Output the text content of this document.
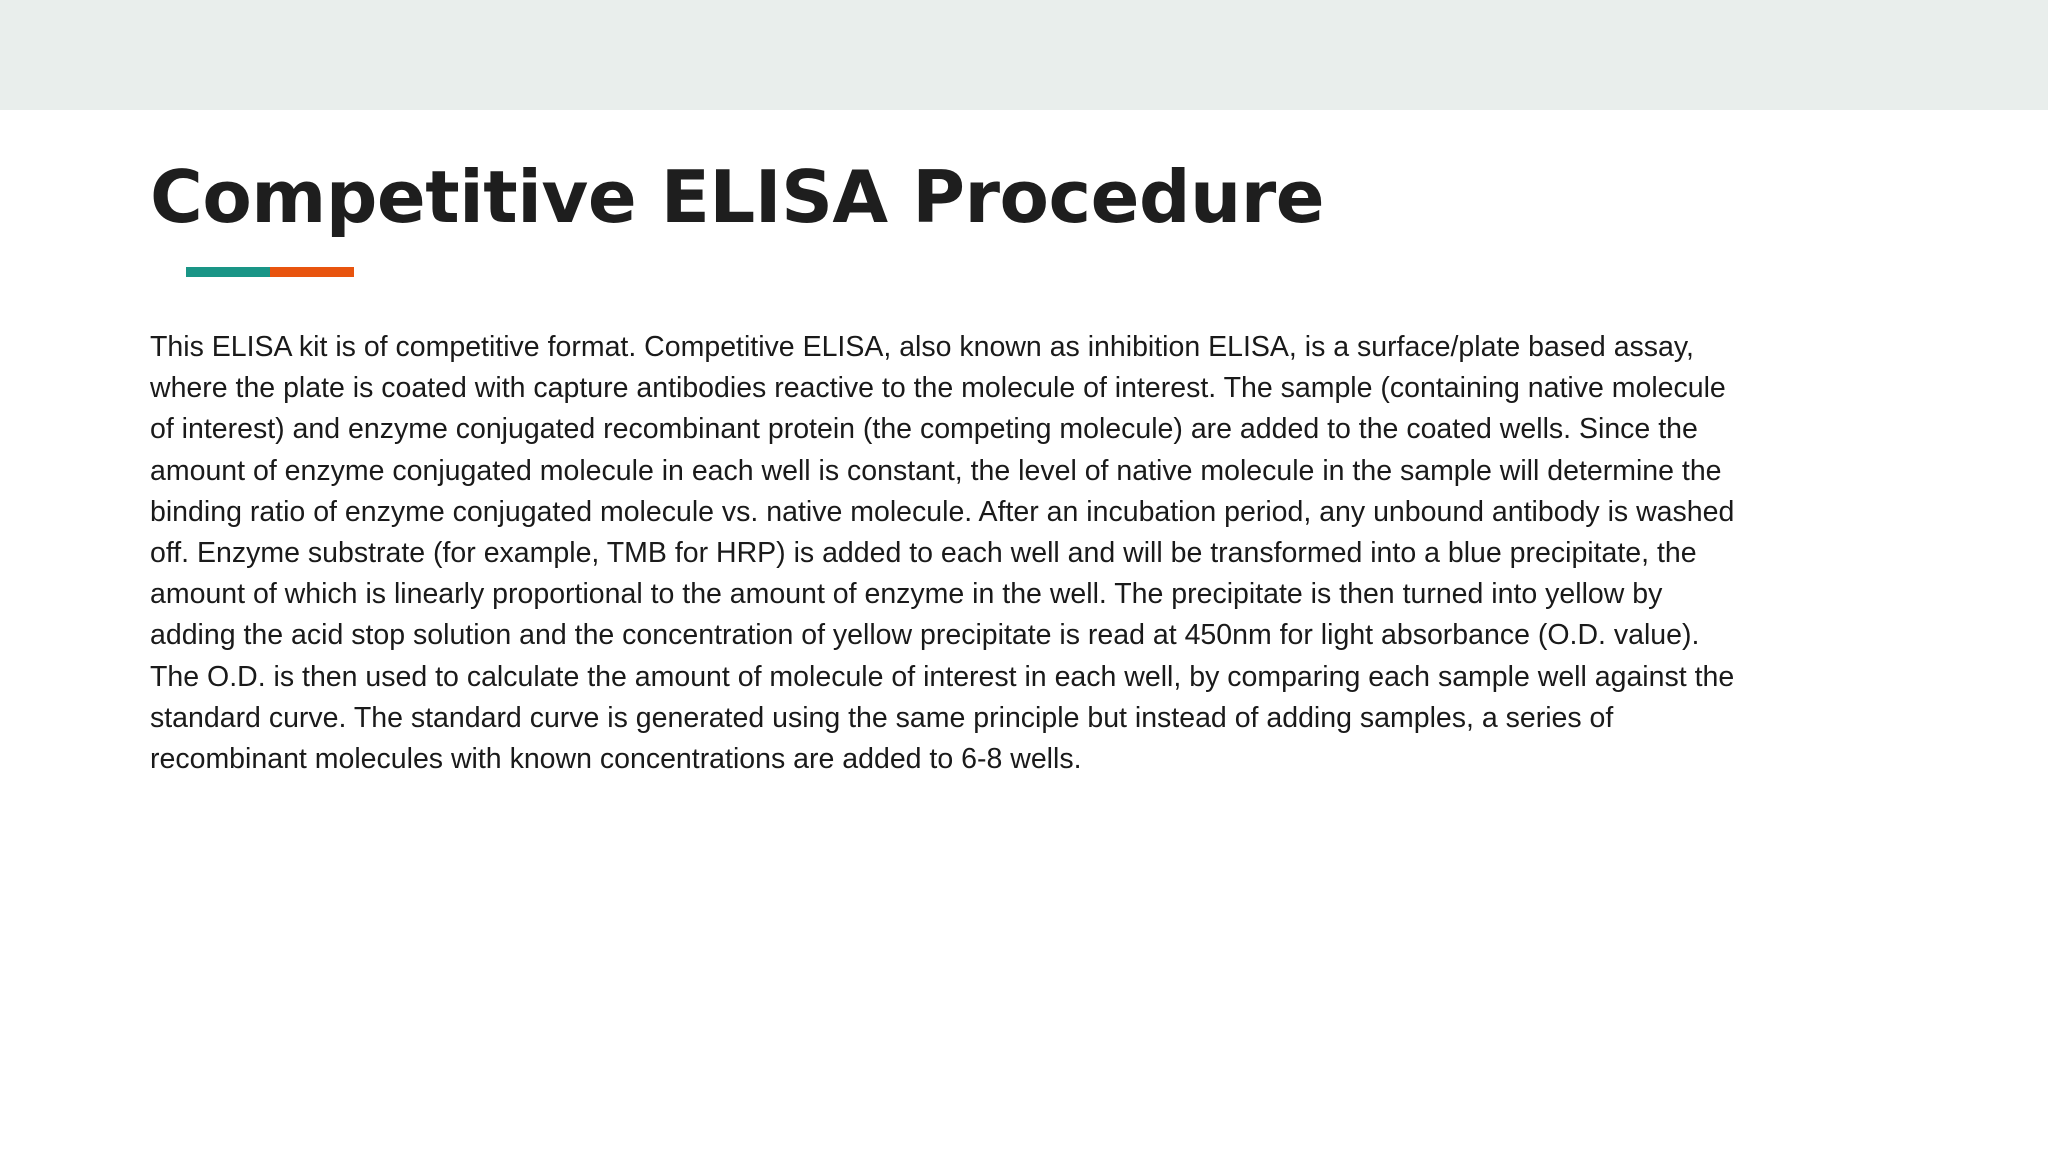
Competitive ELISA Procedure

This ELISA kit is of competitive format. Competitive ELISA, also known as inhibition ELISA, is a surface/plate based assay,
where the plate is coated with capture antibodies reactive to the molecule of interest. The sample (containing native molecule
of interest) and enzyme conjugated recombinant protein (the competing molecule) are added to the coated wells. Since the
amount of enzyme conjugated molecule in each well is constant, the level of native molecule in the sample will determine the
binding ratio of enzyme conjugated molecule vs. native molecule. After an incubation period, any unbound antibody is washed
off. Enzyme substrate (for example, TMB for HRP) is added to each well and will be transformed into a blue precipitate, the
amount of which is linearly proportional to the amount of enzyme in the well. The precipitate is then turned into yellow by
adding the acid stop solution and the concentration of yellow precipitate is read at 450nm for light absorbance (O.D. value).
The O.D. is then used to calculate the amount of molecule of interest in each well, by comparing each sample well against the
standard curve. The standard curve is generated using the same principle but instead of adding samples, a series of
recombinant molecules with known concentrations are added to 6-8 wells.
